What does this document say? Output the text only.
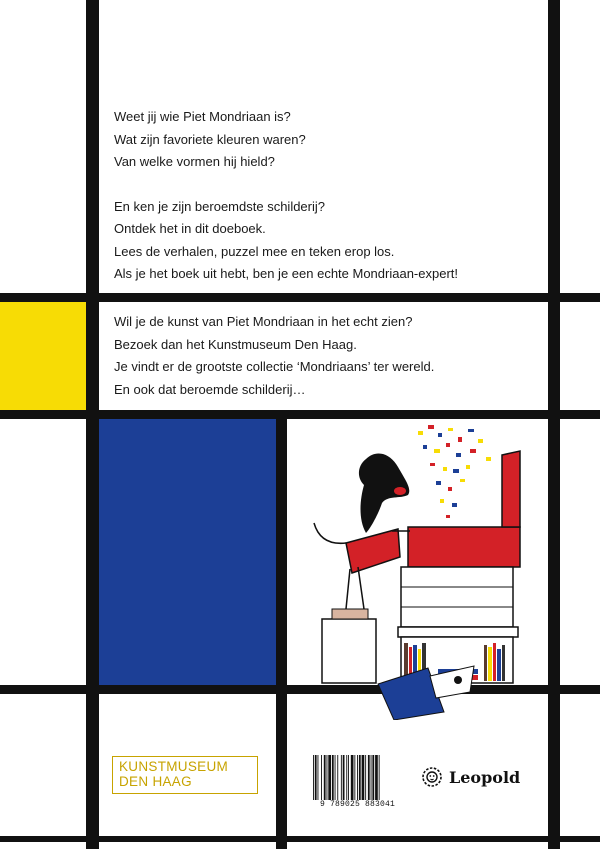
Weet jij wie Piet Mondriaan is?

Wat zijn favoriete kleuren waren?

Van welke vormen hij hield?

En ken je zijn beroemdste schilderij?

Ontdek het in dit doeboek.

Lees de verhalen, puzzel mee en teken erop los.

Als je het boek uit hebt, ben je een echte Mondriaan-expert!

Wil je de kunst van Piet Mondriaan in het echt zien?

Bezoek dan het Kunstmuseum Den Haag.

Je vindt er de grootste collectie ‘Mondriaans’ ter wereld.

En ook dat beroemde schilderij…

KUNSTMUSEUM
DEN HAAG
9 789025 883041
Leopold
